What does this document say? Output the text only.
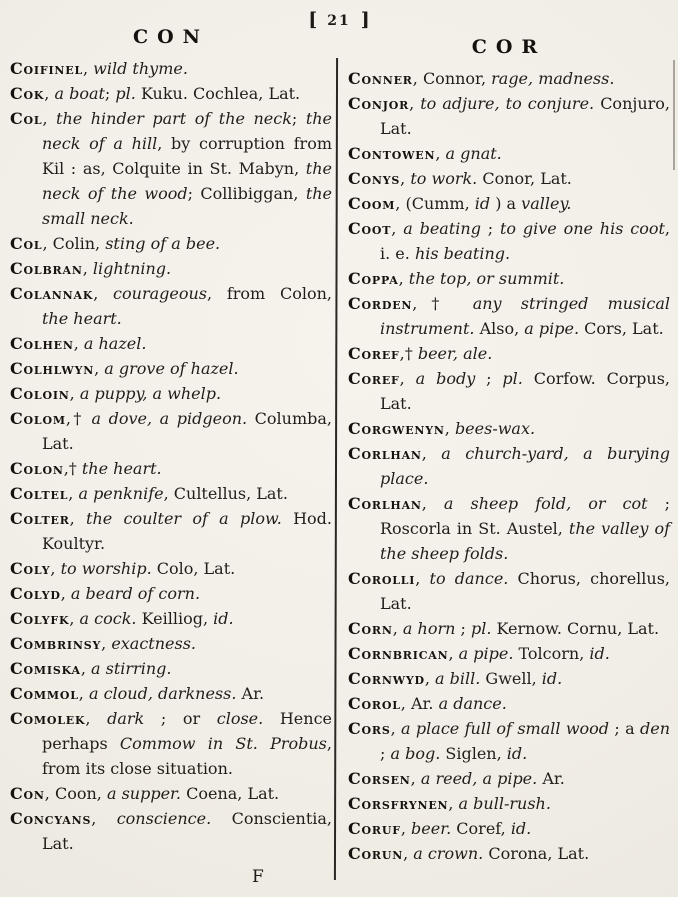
[ 21 ]
CON

Coifinel, wild thyme.

Cok, a boat; pl. Kuku. Cochlea, Lat.

Col, the hinder part of the neck; the neck of a hill, by corruption from Kil : as, Colquite in St. Mabyn, the neck of the wood; Collibiggan, the small neck.

Col, Colin, sting of a bee.

Colbran, lightning.

Colannak, courageous, from Colon, the heart.

Colhen, a hazel.

Colhlwyn, a grove of hazel.

Coloin, a puppy, a whelp.

Colom,† a dove, a pidgeon. Columba, Lat.

Colon,† the heart.

Coltel, a penknife, Cultellus, Lat.

Colter, the coulter of a plow. Hod. Koultyr.

Coly, to worship. Colo, Lat.

Colyd, a beard of corn.

Colyfk, a cock. Keilliog, id.

Combrinsy, exactness.

Comiska, a stirring.

Commol, a cloud, darkness. Ar.

Comolek, dark ; or close. Hence perhaps Commow in St. Probus, from its close situation.

Con, Coon, a supper. Coena, Lat.

Concyans, conscience. Conscientia, Lat.

COR

Conner, Connor, rage, madness.

Conjor, to adjure, to conjure. Conjuro, Lat.

Contowen, a gnat.

Conys, to work. Conor, Lat.

Coom, (Cumm, id ) a valley.

Coot, a beating ; to give one his coot, i. e. his beating.

Coppa, the top, or summit.

Corden,† any stringed musical instrument. Also, a pipe. Cors, Lat.

Coref,† beer, ale.

Coref, a body ; pl. Corfow. Corpus, Lat.

Corgwenyn, bees-wax.

Corlhan, a church-yard, a burying place.

Corlhan, a sheep fold, or cot ; Roscorla in St. Austel, the valley of the sheep folds.

Corolli, to dance. Chorus, chorellus, Lat.

Corn, a horn ; pl. Kernow. Cornu, Lat.

Cornbrican, a pipe. Tolcorn, id.

Cornwyd, a bill. Gwell, id.

Corol, Ar. a dance.

Cors, a place full of small wood ; a den ; a bog. Siglen, id.

Corsen, a reed, a pipe. Ar.

Corsfrynen, a bull-rush.

Coruf, beer. Coref, id.

Corun, a crown. Corona, Lat.

F
